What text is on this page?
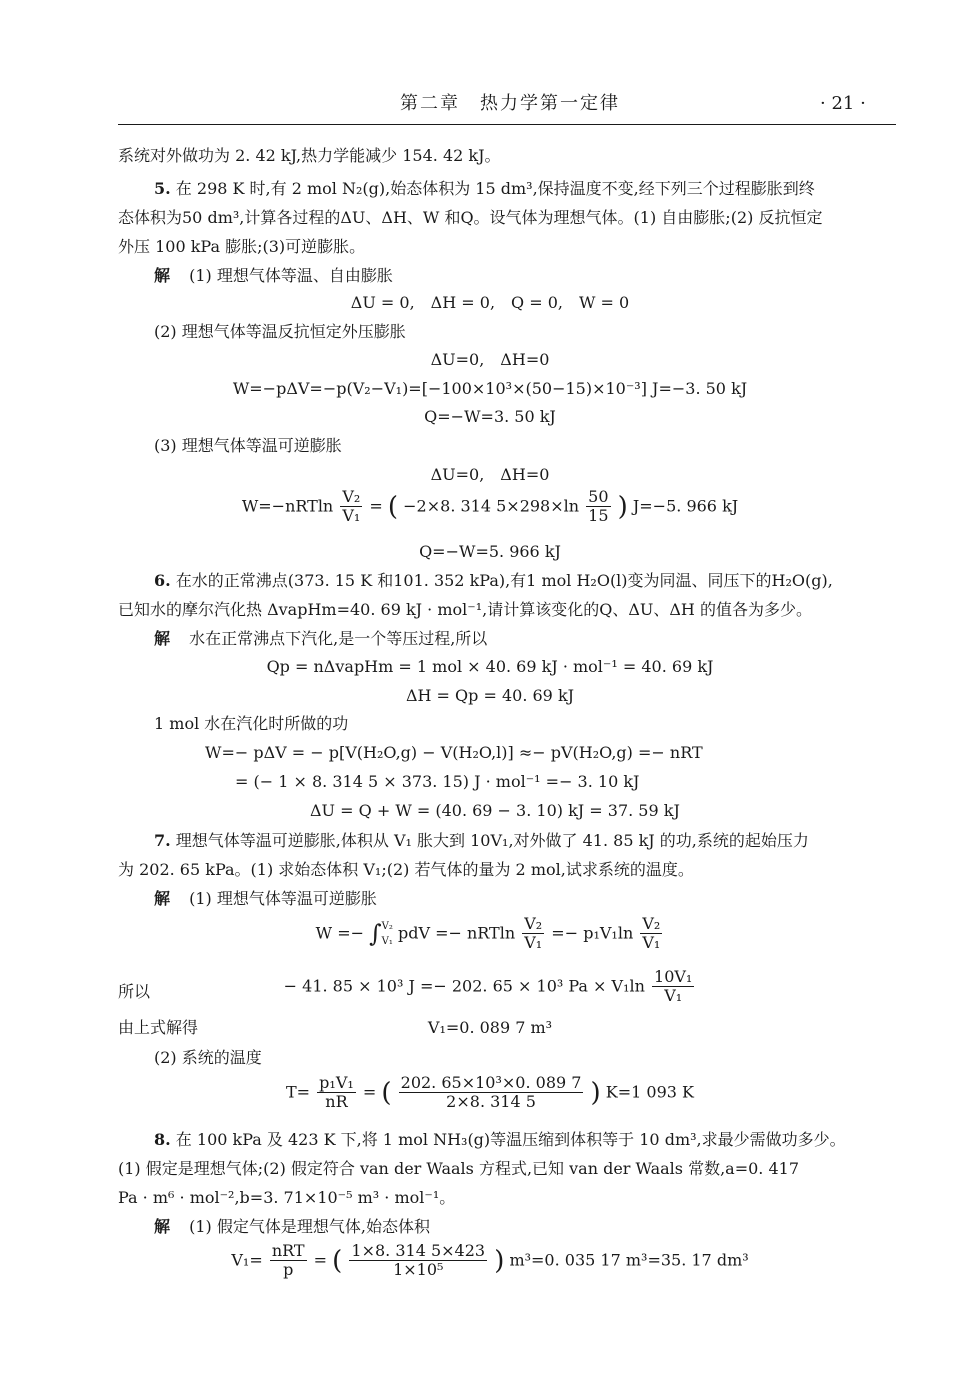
第二章　热力学第一定律	· 21 ·
系统对外做功为 2. 42 kJ,热力学能减少 154. 42 kJ。
5. 在 298 K 时,有 2 mol N₂(g),始态体积为 15 dm³,保持温度不变,经下列三个过程膨胀到终
态体积为50 dm³,计算各过程的ΔU、ΔH、W 和Q。设气体为理想气体。(1) 自由膨胀;(2) 反抗恒定
外压 100 kPa 膨胀;(3)可逆膨胀。
解 (1) 理想气体等温、自由膨胀
ΔU = 0,　ΔH = 0,　Q = 0,　W = 0
(2) 理想气体等温反抗恒定外压膨胀
ΔU=0,　ΔH=0
W=−pΔV=−p(V₂−V₁)=[−100×10³×(50−15)×10⁻³] J=−3. 50 kJ
Q=−W=3. 50 kJ
(3) 理想气体等温可逆膨胀
ΔU=0,　ΔH=0
$W=-nRTln \frac{\text{V₂}}{\text{V₁}}$ = ( −2×8. 314 $5\times 298\times\ln \frac{50}{15}$ ) J=−5. 966 kJ
Q=−W=5. 966 kJ
6. 在水的正常沸点(373. 15 K 和101. 352 kPa),有1 mol H₂O(l)变为同温、同压下的H₂O(g),
已知水的摩尔汽化热 ΔvapHm=40. 69 kJ · mol⁻¹,请计算该变化的Q、ΔU、ΔH 的值各为多少。
解 水在正常沸点下汽化,是一个等压过程,所以
Qp = nΔvapHm = 1 mol × 40. 69 kJ · mol⁻¹ = 40. 69 kJ
ΔH = Qp = 40. 69 kJ
1 mol 水在汽化时所做的功
W=− pΔV = − p[V(H₂O,g) − V(H₂O,l)] ≈− pV(H₂O,g) =− nRT
= (− 1 × 8. 314 5 × 373. 15) J · mol⁻¹ =− 3. 10 kJ
ΔU = Q + W = (40. 69 − 3. 10) kJ = 37. 59 kJ
7. 理想气体等温可逆膨胀,体积从 V₁ 胀大到 10V₁,对外做了 41. 85 kJ 的功,系统的起始压力
为 202. 65 kPa。(1) 求始态体积 V₁;(2) 若气体的量为 2 mol,试求系统的温度。
解 (1) 理想气体等温可逆膨胀
W =− ∫ V₂
V₁ pdV =− nRTln $\frac{\text{V₂}}{\text{V₁}} =- p_1V_1\ln \frac{\text{V₂}}{\text{V₁}}$
所以	− 41. 85 × 10³ J =− 202. 65 × 10³ $Pa \times V_1\ln \frac{\text{10V₁}}{\text{V₁}}$
由上式解得	V₁=0. 089 7 m³
(2) 系统的温度
$T= \frac{\text{p₁V₁}}{nR}$ = ( $\frac{\text{202. 65×10³×0. 089 7}}{2\times 8. 314 5}$ ) K=1 093 K
8. 在 100 kPa 及 423 K 下,将 1 mol NH₃(g)等温压缩到体积等于 10 dm³,求最少需做功多少。
(1) 假定是理想气体;(2) 假定符合 van der Waals 方程式,已知 van der Waals 常数,a=0. 417
Pa · m⁶ · mol⁻²,b=3. 71×10⁻⁵ m³ · mol⁻¹。
解 (1) 假定气体是理想气体,始态体积
$V_1= \frac{\text{nRT}}{p}$ = ( $\frac{1\times 8. 314 5\times 423}{\text{1×10⁵}}$ ) m³=0. 035 17 m³=35. 17 dm³
